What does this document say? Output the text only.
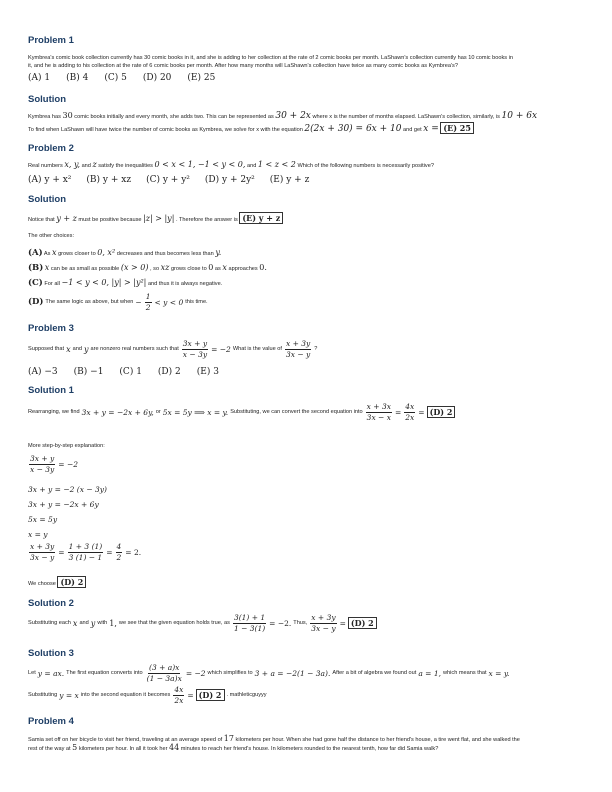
Problem 1
Kymbrea's comic book collection currently has 30 comic books in it, and she is adding to her collection at the rate of 2 comic books per month. LaShawn's collection currently has 10 comic books in
it, and he is adding to his collection at the rate of 6 comic books per month. After how many months will LaShawn's collection have twice as many comic books as Kymbrea's?
(A) 1 (B) 4 (C) 5 (D) 20 (E) 25
Solution
Kymbrea has 30 comic books initially and every month, she adds two. This can be represented as 30 + 2x where x is the number of months elapsed. LaShawn's collection, similarly, is 10 + 6x
To find when LaShawn will have twice the number of comic books as Kymbrea, we solve for x with the equation 2(2x + 30) = 6x + 10 and get x = (E) 25
Problem 2
Real numbers x, y, and z satisfy the inequalities 0 < x < 1, −1 < y < 0, and 1 < z < 2 Which of the following numbers is necessarily positive?
(A) y + x² (B) y + xz (C) y + y² (D) y + 2y² (E) y + z
Solution
Notice that y + z must be positive because |z| > |y| . Therefore the answer is (E) y + z
The other choices:
(A) As x grows closer to 0, x² decreases and thus becomes less than y.
(B) x can be as small as possible (x > 0) , so xz grows close to 0 as x approaches 0.
(C) For all −1 < y < 0, |y| > |y²| and thus it is always negative.
(D) The same logic as above, but when − $\frac{1}{2} < y < 0$ this time.
Problem 3
Supposed that x and y are nonzero real numbers such that $\frac{3x + y}{x - 3y} = -2$ What is the value of $\frac{x + 3y}{3x - y}$ ?
(A) −3 (B) −1 (C) 1 (D) 2 (E) 3
Solution 1
Rearranging, we find 3x + y = −2x + 6y, or 5x = 5y ⟹ x = y. Substituting, we can convert the second equation into $\frac{x + 3x}{3x - x} = \frac{4x}{2x} = (D)$ 2
More step-by-step explanation:
$\frac{3x + y}{x - 3y} = -2$
3x + y = −2 (x − 3y)
3x + y = −2x + 6y
5x = 5y
x = y
$\frac{x + 3y}{3x - y} = \frac{1 + 3 (1)}{3 (1) - 1} = \frac{4}{2} = 2$.
We choose (D) 2
Solution 2
Substituting each x and y with 1, we see that the given equation holds true, as $\frac{3(1) + 1}{1 - 3(1)} = -2$. Thus, $\frac{x + 3y}{3x - y} = (D)$ 2
Solution 3
Let y = ax. The first equation converts into $\frac{(3 + a)x}{(1 - 3a)x} = -2$ which simplifies to 3 + a = −2(1 − 3a). After a bit of algebra we found out a = 1, which means that x = y.
Substituting y = x into the second equation it becomes $\frac{4x}{2x} = (D)$ 2 . mathleticguyyy
Problem 4
Samia set off on her bicycle to visit her friend, traveling at an average speed of 17 kilometers per hour. When she had gone half the distance to her friend's house, a tire went flat, and she walked the
rest of the way at 5 kilometers per hour. In all it took her 44 minutes to reach her friend's house. In kilometers rounded to the nearest tenth, how far did Samia walk?
